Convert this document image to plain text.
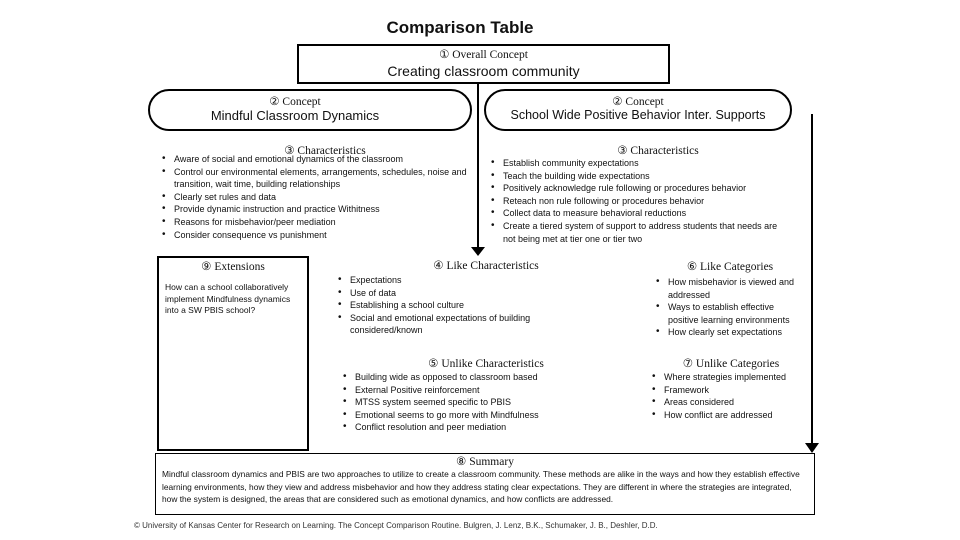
Comparison Table
① Overall Concept
Creating classroom community
② Concept
Mindful Classroom Dynamics
② Concept
School Wide Positive Behavior Inter. Supports
③ Characteristics
• Aware of social and emotional dynamics of the classroom
• Control our environmental elements, arrangements, schedules, noise and transition, wait time, building relationships
• Clearly set rules and data
• Provide dynamic instruction and practice Withitness
• Reasons for misbehavior/peer mediation
• Consider consequence vs punishment
③ Characteristics
• Establish community expectations
• Teach the building wide expectations
• Positively acknowledge rule following or procedures behavior
• Reteach non rule following or procedures behavior
• Collect data to measure behavioral reductions
• Create a tiered system of support to address students that needs are not being met at tier one or tier two
⑨ Extensions
How can a school collaboratively implement Mindfulness dynamics into a SW PBIS school?
④ Like Characteristics
• Expectations
• Use of data
• Establishing a school culture
• Social and emotional expectations of building considered/known
⑥ Like Categories
• How misbehavior is viewed and addressed
• Ways to establish effective positive learning environments
• How clearly set expectations
⑤ Unlike Characteristics
• Building wide as opposed to classroom based
• External Positive reinforcement
• MTSS system seemed specific to PBIS
• Emotional seems to go more with Mindfulness
• Conflict resolution and peer mediation
⑦ Unlike Categories
• Where strategies implemented
• Framework
• Areas considered
• How conflict are addressed
⑧ Summary
Mindful classroom dynamics and PBIS are two approaches to utilize to create a classroom community. These methods are alike in the ways and how they establish effective learning environments, how they view and address misbehavior and how they address stating clear expectations. They are different in where the strategies are integrated, how the system is designed, the areas that are considered such as emotional dynamics, and how conflicts are addressed.
© University of Kansas Center for Research on Learning. The Concept Comparison Routine. Bulgren, J. Lenz, B.K., Schumaker, J. B., Deshler, D.D.
